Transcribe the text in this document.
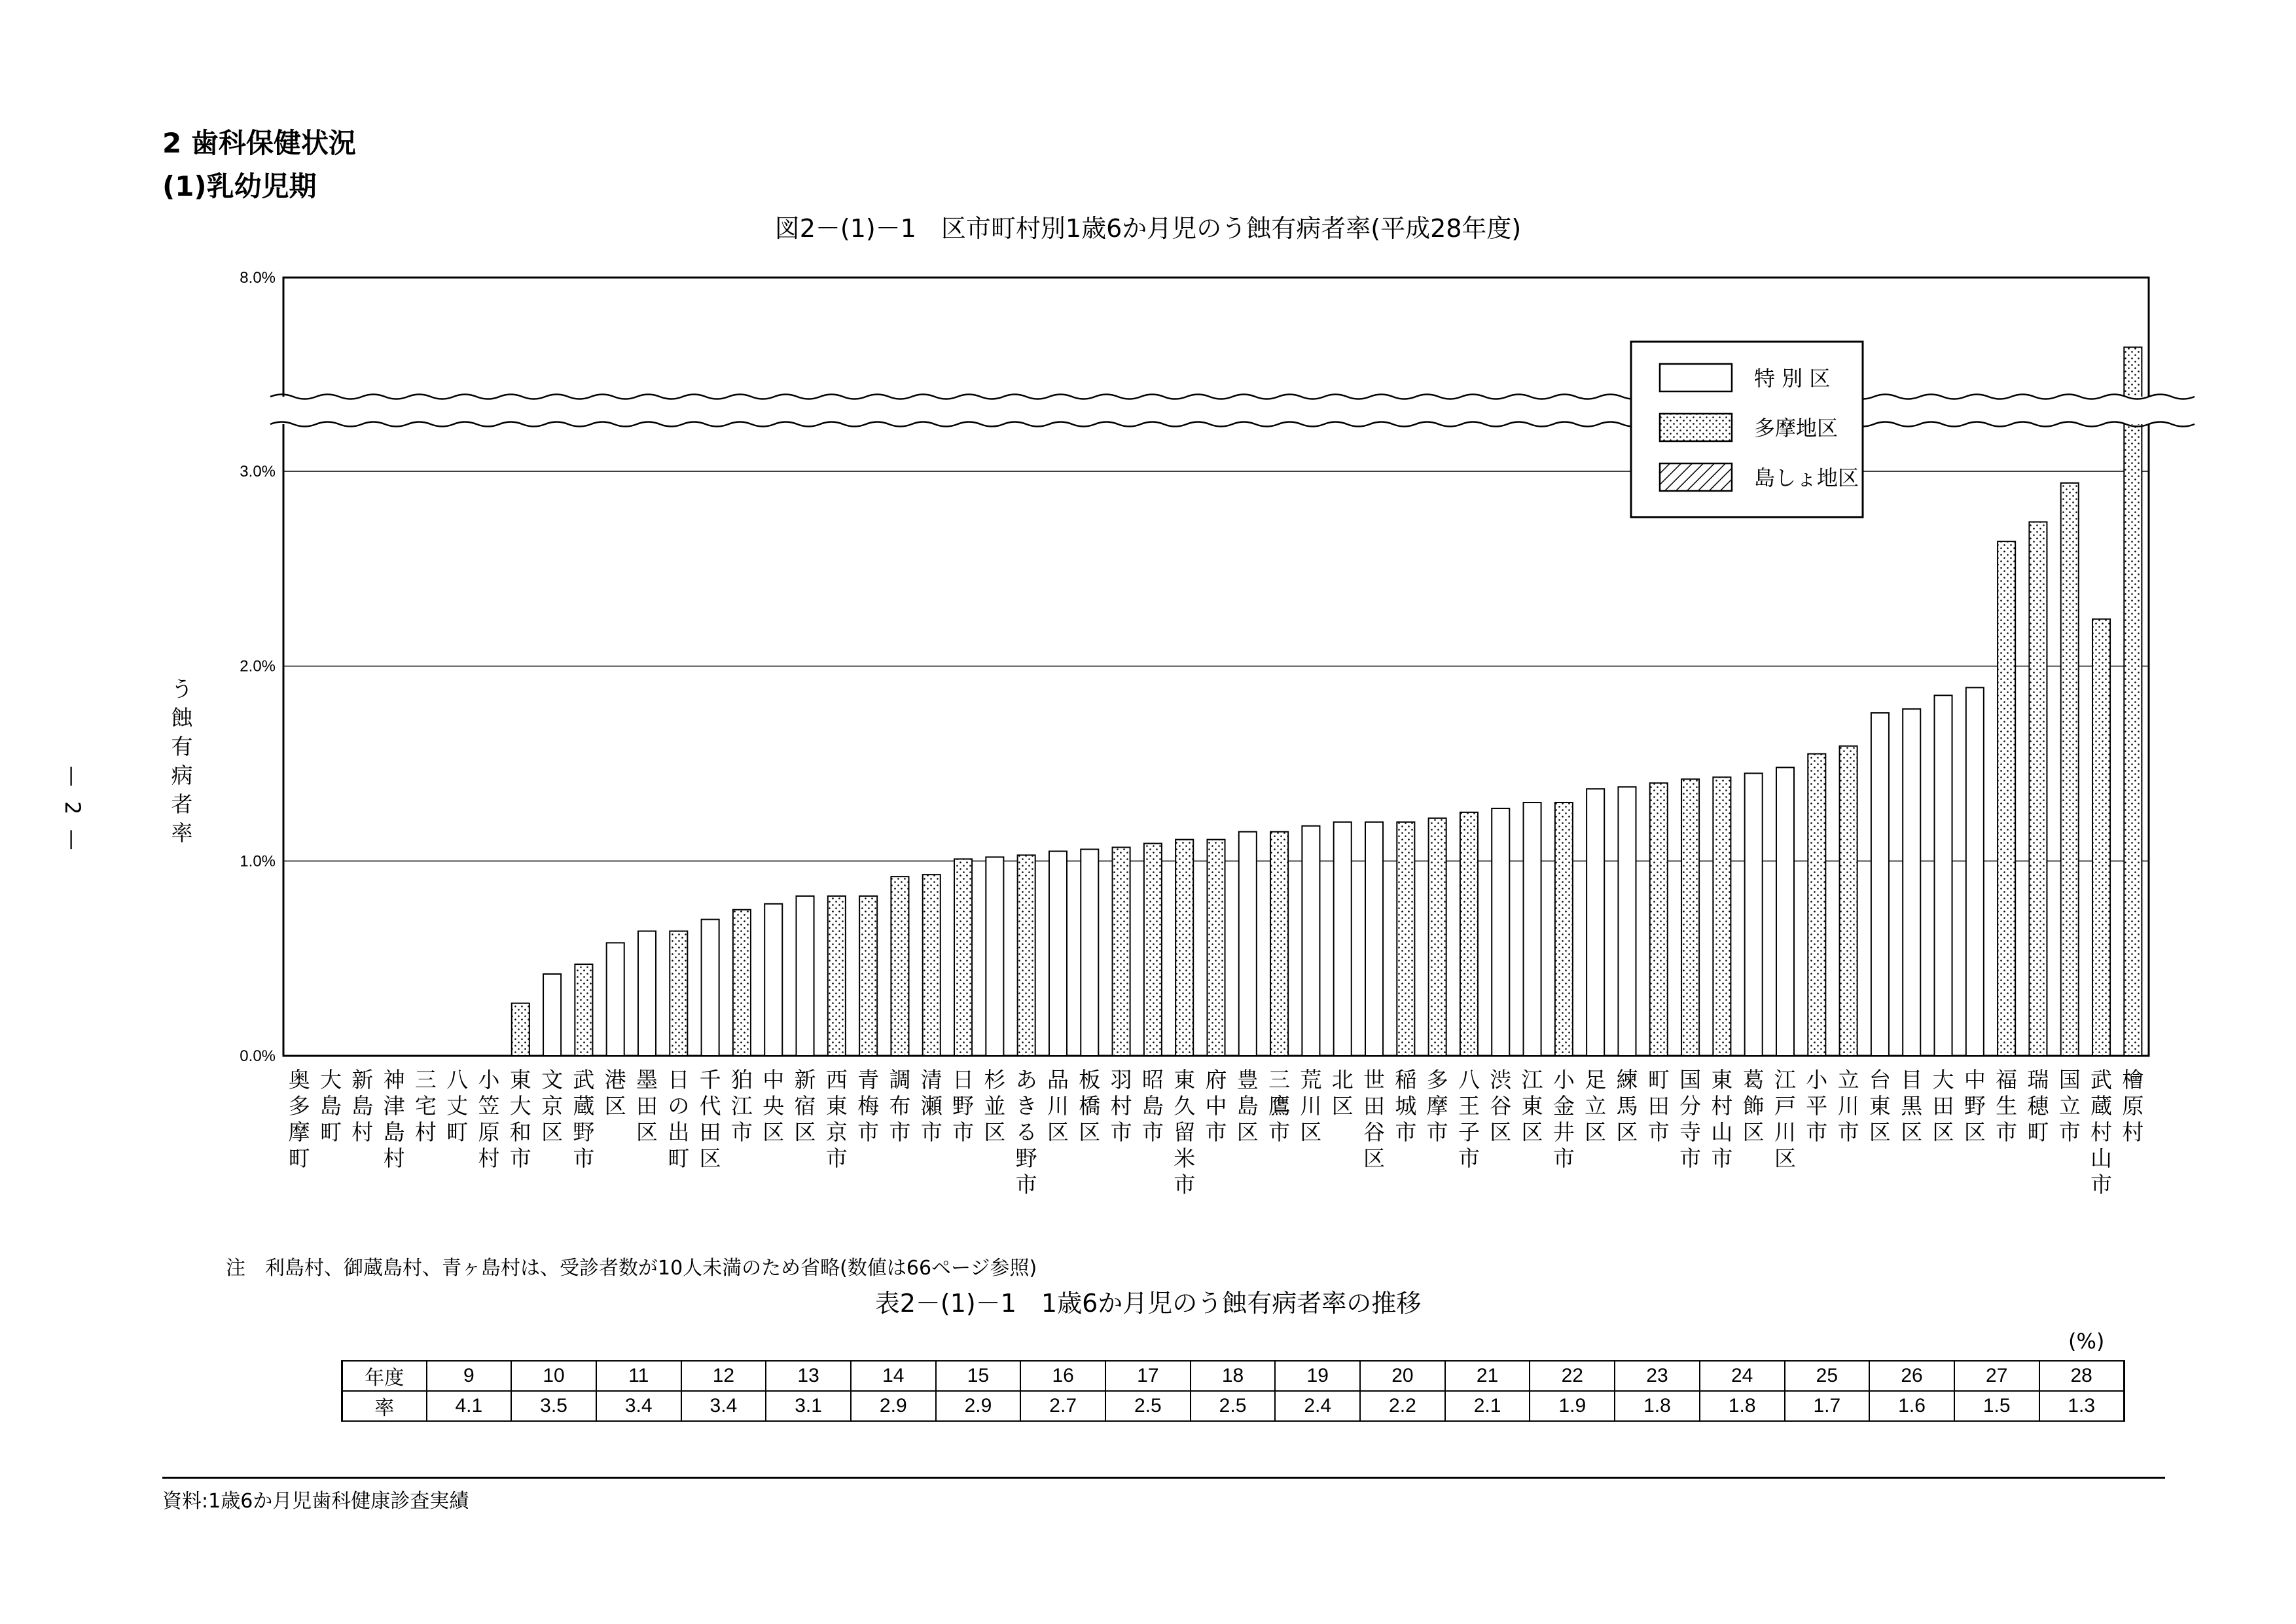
2 歯科保健状況
(1)乳幼児期
図2－(1)－1　区市町村別1歳6か月児のう蝕有病者率(平成28年度)
— 2 —
0.0%
1.0%
2.0%
3.0%
8.0%
奥多摩町
大島町
新島村
神津島村
三宅村
八丈町
小笠原村
東大和市
文京区
武蔵野市
港区
墨田区
日の出町
千代田区
狛江市
中央区
新宿区
西東京市
青梅市
調布市
清瀬市
日野市
杉並区
あきる野市
品川区
板橋区
羽村市
昭島市
東久留米市
府中市
豊島区
三鷹市
荒川区
北区
世田谷区
稲城市
多摩市
八王子市
渋谷区
江東区
小金井市
足立区
練馬区
町田市
国分寺市
東村山市
葛飾区
江戸川区
小平市
立川市
台東区
目黒区
大田区
中野区
福生市
瑞穂町
国立市
武蔵村山市
檜原村
特 別 区
多摩地区
島しょ地区
う蝕有病者率
注　利島村、御蔵島村、青ヶ島村は、受診者数が10人未満のため省略(数値は66ページ参照)
表2－(1)－1　1歳6か月児のう蝕有病者率の推移
(%)
年度	9	10	11	12	13	14	15	16	17	18	19	20	21	22	23	24	25	26	27	28
率	4.1	3.5	3.4	3.4	3.1	2.9	2.9	2.7	2.5	2.5	2.4	2.2	2.1	1.9	1.8	1.8	1.7	1.6	1.5	1.3
資料:1歳6か月児歯科健康診査実績
